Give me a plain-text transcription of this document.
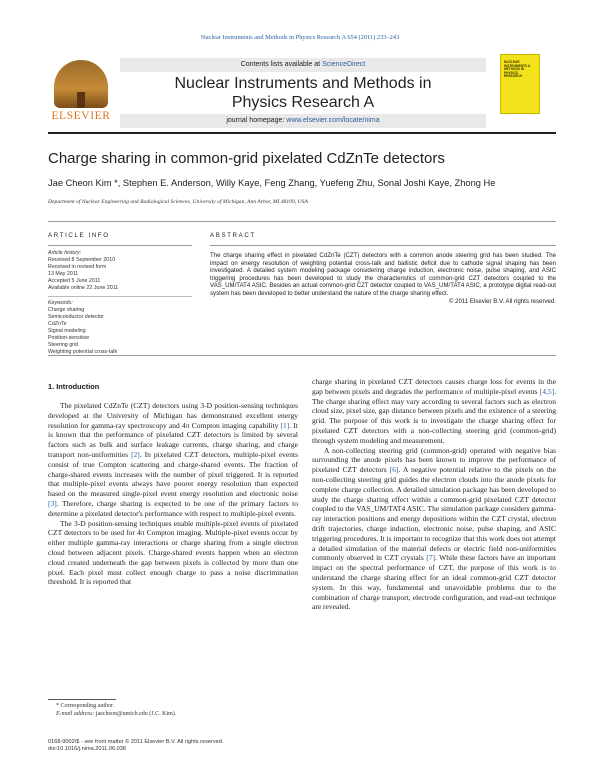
Nuclear Instruments and Methods in Physics Research A 654 (2011) 233–243
ELSEVIER
Contents lists available at ScienceDirect
Nuclear Instruments and Methods in
Physics Research A
journal homepage: www.elsevier.com/locate/nima
NUCLEAR INSTRUMENTS & METHODS IN PHYSICS RESEARCH
Charge sharing in common-grid pixelated CdZnTe detectors
Jae Cheon Kim *, Stephen E. Anderson, Willy Kaye, Feng Zhang, Yuefeng Zhu, Sonal Joshi Kaye, Zhong He
Department of Nuclear Engineering and Radiological Sciences, University of Michigan, Ann Arbor, MI 48109, USA
ARTICLE INFO	ABSTRACT
Article history:
Received 8 September 2010
Received in revised form
13 May 2011
Accepted 5 June 2011
Available online 22 June 2011
Keywords:
Charge sharing
Semiconductor detector
CdZnTe
Signal modeling
Position-sensitive
Steering grid
Weighting potential cross-talk
The charge sharing effect in pixelated CdZnTe (CZT) detectors with a common anode steering grid has been studied. The impact on energy resolution of weighting potential cross-talk and ballistic deficit due to cathode signal shaping has been investigated. A detailed system modeling package considering charge induction, electronic noise, pulse shaping, and ASIC triggering procedures has been developed to study the characteristics of common-grid CZT detectors coupled to the VAS_UM/TAT4 ASIC. Besides an actual common-grid CZT detector coupled to VAS_UM/TAT4 ASIC, a prototype digital read-out system has been developed to better understand the nature of the charge sharing effect.
© 2011 Elsevier B.V. All rights reserved.
1. Introduction

The pixelated CdZnTe (CZT) detectors using 3-D position-sensing techniques developed at the University of Michigan has demonstrated excellent energy resolution for gamma-ray spectroscopy and 4π Compton imaging capability [1]. It is known that the performance of pixelated CZT detectors is limited by several factors such as bulk and surface leakage currents, charge sharing, and charge transport non-uniformities [2]. In pixelated CZT detectors, multiple-pixel events consist of true Compton scattering and charge-shared events. The fraction of charge-shared events increases with the number of pixel triggered. It is reported that multiple-pixel events always have poorer energy resolution than expected based on the measured single-pixel event energy resolution and electronic noise [3]. Therefore, charge sharing is expected to be one of the primary factors to determine a pixelated detector's performance with respect to multiple-pixel events.

The 3-D position-sensing techniques enable multiple-pixel events of pixelated CZT detectors to be used for 4π Compton imaging. Multiple-pixel events occur by either multiple gamma-ray interactions or charge sharing from a single electron cloud between adjacent pixels. Charge-shared events happen when an electron cloud created underneath the gap between pixels is collected by more than one pixel. Each pixel must collect enough charge to pass a noise discrimination threshold. It is reported that

charge sharing in pixelated CZT detectors causes charge loss for events in the gap between pixels and degrades the performance of multiple-pixel events [4,5]. The charge sharing effect may vary according to several factors such as electron cloud size, pixel size, gap distance between pixels and the existence of a steering grid. The purpose of this work is to investigate the charge sharing effect for pixelated CZT detectors with a non-collecting steering grid (common-grid) through system modeling and measurement.

A non-collecting steering grid (common-grid) operated with negative bias surrounding the anode pixels has been known to improve the performance of pixelated CZT detectors [6]. A negative potential relative to the pixels on the non-collecting steering grid guides the electron clouds into the anode pixels for complete charge collection. A detailed simulation package has been developed to study the charge sharing effect within a common-grid pixelated CZT detector coupled to the VAS_UM/TAT4 ASIC. The simulation package considers gamma-ray interaction positions and energy depositions within the CZT crystal, electron drift trajectories, charge induction, electronic noise, pulse shaping, and ASIC triggering procedures. It is important to recognize that this work does not attempt a detailed simulation of the material defects or electric field non-uniformities commonly observed in CZT crystals [7]. While these factors have an important impact on the spectral performance of CZT, the purpose of this work is to understand the charge sharing effect for an ideal common-grid CZT detector system. In this way, fundamental and unavoidable problems due to the combination of charge transport, electrode configuration, and read-out technique are revealed.

* Corresponding author.
E-mail address: jaecheon@umich.edu (J.C. Kim).
0168-9002/$ - see front matter © 2011 Elsevier B.V. All rights reserved.
doi:10.1016/j.nima.2011.06.038
